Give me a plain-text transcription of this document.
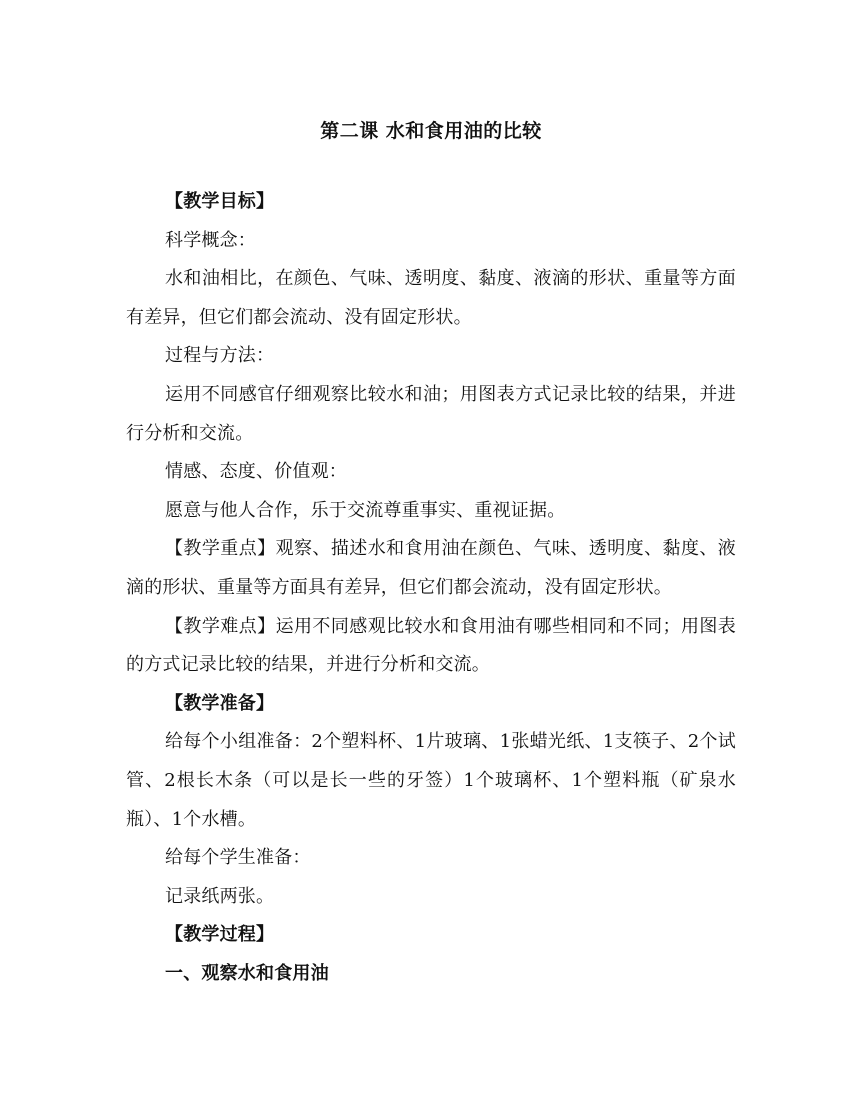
第二课 水和食用油的比较

【教学目标】

科学概念：

水和油相比，在颜色、气味、透明度、黏度、液滴的形状、重量等方面有差异，但它们都会流动、没有固定形状。

过程与方法：

运用不同感官仔细观察比较水和油；用图表方式记录比较的结果，并进行分析和交流。

情感、态度、价值观：

愿意与他人合作，乐于交流尊重事实、重视证据。

【教学重点】观察、描述水和食用油在颜色、气味、透明度、黏度、液滴的形状、重量等方面具有差异，但它们都会流动，没有固定形状。

【教学难点】运用不同感观比较水和食用油有哪些相同和不同；用图表的方式记录比较的结果，并进行分析和交流。

【教学准备】

给每个小组准备：2个塑料杯、1片玻璃、1张蜡光纸、1支筷子、2个试管、2根长木条（可以是长一些的牙签）1个玻璃杯、1个塑料瓶（矿泉水瓶）、1个水槽。

给每个学生准备：

记录纸两张。

【教学过程】

一、观察水和食用油
